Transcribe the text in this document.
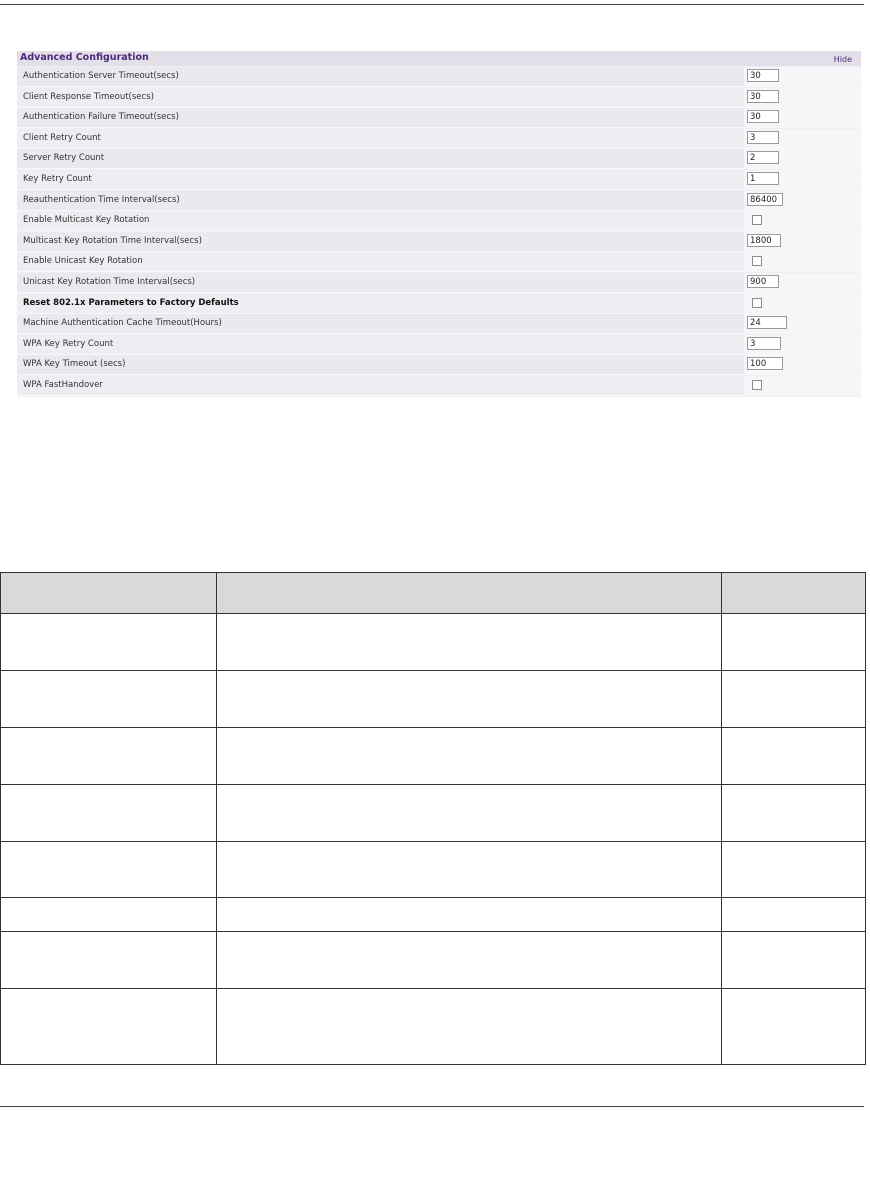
Advanced Configuration	Hide
Authentication Server Timeout(secs)	30
Client Response Timeout(secs)	30
Authentication Failure Timeout(secs)	30
Client Retry Count	3
Server Retry Count	2
Key Retry Count	1
Reauthentication Time Interval(secs)	86400
Enable Multicast Key Rotation
Multicast Key Rotation Time Interval(secs)	1800
Enable Unicast Key Rotation
Unicast Key Rotation Time Interval(secs)	900
Reset 802.1x Parameters to Factory Defaults
Machine Authentication Cache Timeout(Hours)	24
WPA Key Retry Count	3
WPA Key Timeout (secs)	100
WPA FastHandover
